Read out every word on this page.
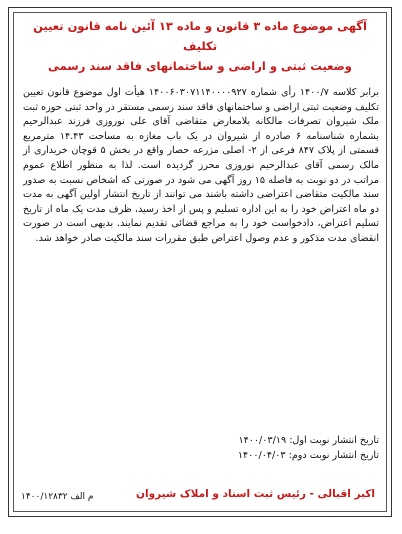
آگهی موضوع ماده ۳ قانون و ماده ۱۳ آئین نامه قانون تعیین تکلیف
وضعیت ثبتی و اراضی و ساختمانهای فاقد سند رسمی

برابر کلاسه ۱۴۰۰/۷ رأی شماره ۱۴۰۰۶۰۳۰۷۱۱۴۰۰۰۰۹۲۷ هیأت اول موضوع قانون تعیین تکلیف وضعیت ثبتی اراضی و ساختمانهای فاقد سند رسمی مستقر در واحد ثبتی حوزه ثبت ملک شیروان تصرفات مالکانه بلامعارض متقاضی آقای علی نوروزی فرزند عبدالرحیم بشماره شناسنامه ۶ صادره از شیروان در یک باب مغازه به مساحت ۱۴.۴۳ مترمربع قسمتی از پلاک ۸۴۷ فرعی از ۲- اصلی مزرعه حصار واقع در بخش ۵ قوچان خریداری از مالک رسمی آقای عبدالرحیم نوروزی محرز گردیده است. لذا به منظور اطلاع عموم مراتب در دو نوبت به فاصله ۱۵ روز آگهی می شود در صورتی که اشخاص نسبت به صدور سند مالکیت متقاضی اعتراضی داشته باشند می توانند از تاریخ انتشار اولین آگهی به مدت دو ماه اعتراض خود را به این اداره تسلیم و پس از اخذ رسید، ظرف مدت یک ماه از تاریخ تسلیم اعتراض، دادخواست خود را به مراجع قضائی تقدیم نمایند. بدیهی است در صورت انقضای مدت مذکور و عدم وصول اعتراض طبق مقررات سند مالکیت صادر خواهد شد.

تاریخ انتشار نوبت اول: ۱۴۰۰/۰۳/۱۹
تاریخ انتشار نوبت دوم: ۱۴۰۰/۰۴/۰۳
اکبر اقبالی - رئیس ثبت اسناد و املاک شیروان
م الف ۱۴۰۰/۱۲۸۳۲
